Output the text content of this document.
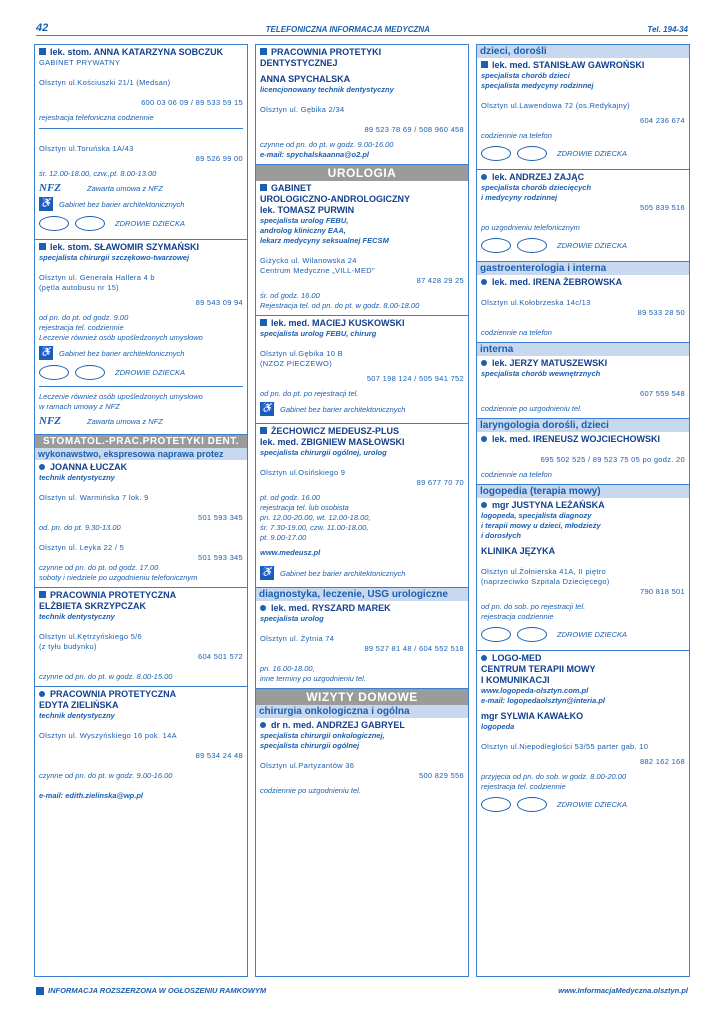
42	TELEFONICZNA INFORMACJA MEDYCZNA	Tel. 194-34
lek. stom. ANNA KATARZYNA SOBCZUK
GABINET PRYWATNY
Olsztyn ul.Kościuszki 21/1 (Medsan)
600 03 06 09 / 89 533 59 15
rejestracja telefoniczna codziennie
Olsztyn ul.Toruńska 1A/43
89 526 99 00
śr. 12.00-18.00, czw.,pt. 8.00-13.00
NFZ	Zawarta umowa z NFZ
♿ Gabinet bez barier architektonicznych
ZDROWIE DZIECKA
lek. stom. SŁAWOMIR SZYMAŃSKI
specjalista chirurgii szczękowo-twarzowej
Olsztyn ul. Generała Hallera 4 b
(pętla autobusu nr 15)
89 543 09 94
od pn. do pt. od godz. 9.00
rejestracja tel. codziennie
Leczenie również osób upośledzonych umysłowo
♿ Gabinet bez barier architektonicznych
ZDROWIE DZIECKA
Leczenie również osób upośledzonych umysłowo
w ramach umowy z NFZ
NFZ	Zawarta umowa z NFZ
STOMATOL.-PRAC.PROTETYKI DENT.
wykonawstwo, ekspresowa naprawa protez
JOANNA ŁUCZAK
technik dentystyczny
Olsztyn ul. Warmińska 7 lok. 9
501 593 345
od. pn. do pt. 9.30-13.00
Olsztyn ul. Leyka 22 / 5
501 593 345
czynne od pn. do pt. od godz. 17.00
soboty i niedziele po uzgodnieniu telefonicznym
PRACOWNIA PROTETYCZNA
ELŻBIETA SKRZYPCZAK
technik dentystyczny
Olsztyn ul.Kętrzyńskiego 5/6
(z tyłu budynku)
604 501 572
czynne od pn. do pt. w godz. 8.00-15.00
PRACOWNIA PROTETYCZNA
EDYTA ZIELIŃSKA
technik dentystyczny
Olsztyn ul. Wyszyńskiego 16 pok. 14A
89 534 24 48
czynne od pn. do pt. w godz. 9.00-16.00
e-mail: edith.zielinska@wp.pl
PRACOWNIA PROTETYKI
DENTYSTYCZNEJ
ANNA SPYCHALSKA
licencjonowany technik dentystyczny
Olsztyn ul. Gębika 2/34
89 523 78 69 / 508 960 458
czynne od pn. do pt. w godz. 9.00-16.00
e-mail: spychalskaanna@o2.pl
UROLOGIA
GABINET
UROLOGICZNO-ANDROLOGICZNY
lek. TOMASZ PURWIN
specjalista urolog FEBU,
androlog kliniczny EAA,
lekarz medycyny seksualnej FECSM
Giżycko ul. Wilanowska 24
Centrum Medyczne „VILL-MED"
87 428 29 25
śr. od godz. 16.00
Rejestracja tel. od pn. do pt. w godz. 8.00-18.00
lek. med. MACIEJ KUSKOWSKI
specjalista urolog FEBU, chirurg
Olsztyn ul.Gębika 10 B
(NZOZ PIECZEWO)
507 198 124 / 505 941 752
od pn. do pt. po rejestracji tel.
♿ Gabinet bez barier architektonicznych
ŻECHOWICZ MEDEUSZ-PLUS
lek. med. ZBIGNIEW MASŁOWSKI
specjalista chirurgii ogólnej, urolog
Olsztyn ul.Osińskiego 9
89 677 70 70
pt. od godz. 16.00
rejestracja tel. lub osobista
pn. 12.00-20.00, wt. 12.00-18.00,
śr. 7.30-19.00, czw. 11.00-18.00,
pt. 9.00-17.00
www.medeusz.pl
♿ Gabinet bez barier architektonicznych
diagnostyka, leczenie, USG urologiczne
lek. med. RYSZARD MAREK
specjalista urolog
Olsztyn ul. Żytnia 74
89 527 81 48 / 604 552 518
pn. 16.00-18.00,
inne terminy po uzgodnieniu tel.
WIZYTY DOMOWE
chirurgia onkologiczna i ogólna
dr n. med. ANDRZEJ GABRYEL
specjalista chirurgii onkologicznej,
specjalista chirurgii ogólnej
Olsztyn ul.Partyzantów 36
500 829 556
codziennie po uzgodnieniu tel.
dzieci, dorośli
lek. med. STANISŁAW GAWROŃSKI
specjalista chorób dzieci
specjalista medycyny rodzinnej
Olsztyn ul.Lawendowa 72 (os.Redykajny)
604 236 674
codziennie na telefon
ZDROWIE DZIECKA
lek. ANDRZEJ ZAJĄC
specjalista chorób dziecięcych
i medycyny rodzinnej
505 839 516
po uzgodnieniu telefonicznym
ZDROWIE DZIECKA
gastroenterologia i interna
lek. med. IRENA ŻEBROWSKA
Olsztyn ul.Kołobrzeska 14c/13
89 533 28 50
codziennie na telefon
interna
lek. JERZY MATUSZEWSKI
specjalista chorób wewnętrznych
607 559 548
codziennie po uzgodnieniu tel.
laryngologia dorośli, dzieci
lek. med. IRENEUSZ WOJCIECHOWSKI
695 502 525 / 89 523 75 05 po godz. 20
codziennie na telefon
logopedia (terapia mowy)
mgr JUSTYNA LEŻAŃSKA
logopeda, specjalista diagnozy
i terapii mowy u dzieci, młodzieży
i dorosłych
KLINIKA JĘZYKA
Olsztyn ul.Żołnierska 41A, II piętro
(naprzeciwko Szpitala Dziecięcego)
790 818 501
od pn. do sob. po rejestracji tel.
rejestracja codziennie
ZDROWIE DZIECKA
LOGO-MED
CENTRUM TERAPII MOWY
I KOMUNIKACJI
www.logopeda-olsztyn.com.pl
e-mail: logopedaolsztyn@interia.pl
mgr SYLWIA KAWAŁKO
logopeda
Olsztyn ul.Niepodległości 53/55 parter gab. 10
882 162 168
przyjęcia od pn. do sob. w godz. 8.00-20.00
rejestracja tel. codziennie
ZDROWIE DZIECKA
INFORMACJA ROZSZERZONA W OGŁOSZENIU RAMKOWYM	www.InformacjaMedyczna.olsztyn.pl
